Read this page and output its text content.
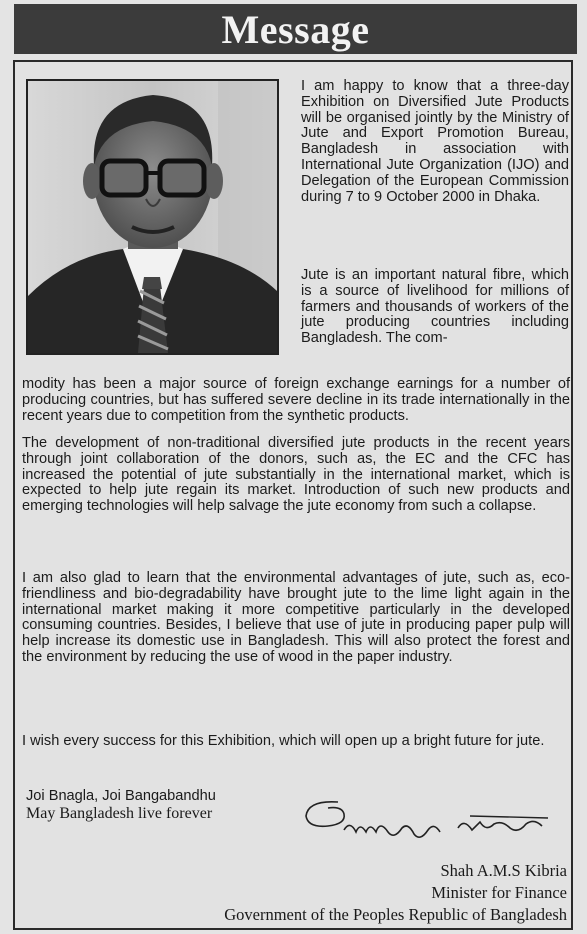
Message
I am happy to know that a three-day Exhibition on Diversified Jute Products will be organised jointly by the Ministry of Jute and Export Promotion Bureau, Bangladesh in association with International Jute Organization (IJO) and Delegation of the European Commission during 7 to 9 October 2000 in Dhaka.
Jute is an important natural fibre, which is a source of livelihood for millions of farmers and thousands of workers of the jute producing countries including Bangladesh. The com-
modity has been a major source of foreign exchange earnings for a number of producing countries, but has suffered severe decline in its trade internationally in the recent years due to competition from the synthetic products.
The development of non-traditional diversified jute products in the recent years through joint collaboration of the donors, such as, the EC and the CFC has increased the potential of jute substantially in the international market, which is expected to help jute regain its market. Introduction of such new products and emerging technologies will help salvage the jute economy from such a collapse.
I am also glad to learn that the environmental advantages of jute, such as, eco-friendliness and bio-degradability have brought jute to the lime light again in the international market making it more competitive particularly in the developed consuming countries. Besides, I believe that use of jute in producing paper pulp will help increase its domestic use in Bangladesh. This will also protect the forest and the environment by reducing the use of wood in the paper industry.
I wish every success for this Exhibition, which will open up a bright future for jute.
Joi Bnagla, Joi Bangabandhu
May Bangladesh live forever
Shah A.M.S Kibria
Minister for Finance
Government of the Peoples Republic of Bangladesh
